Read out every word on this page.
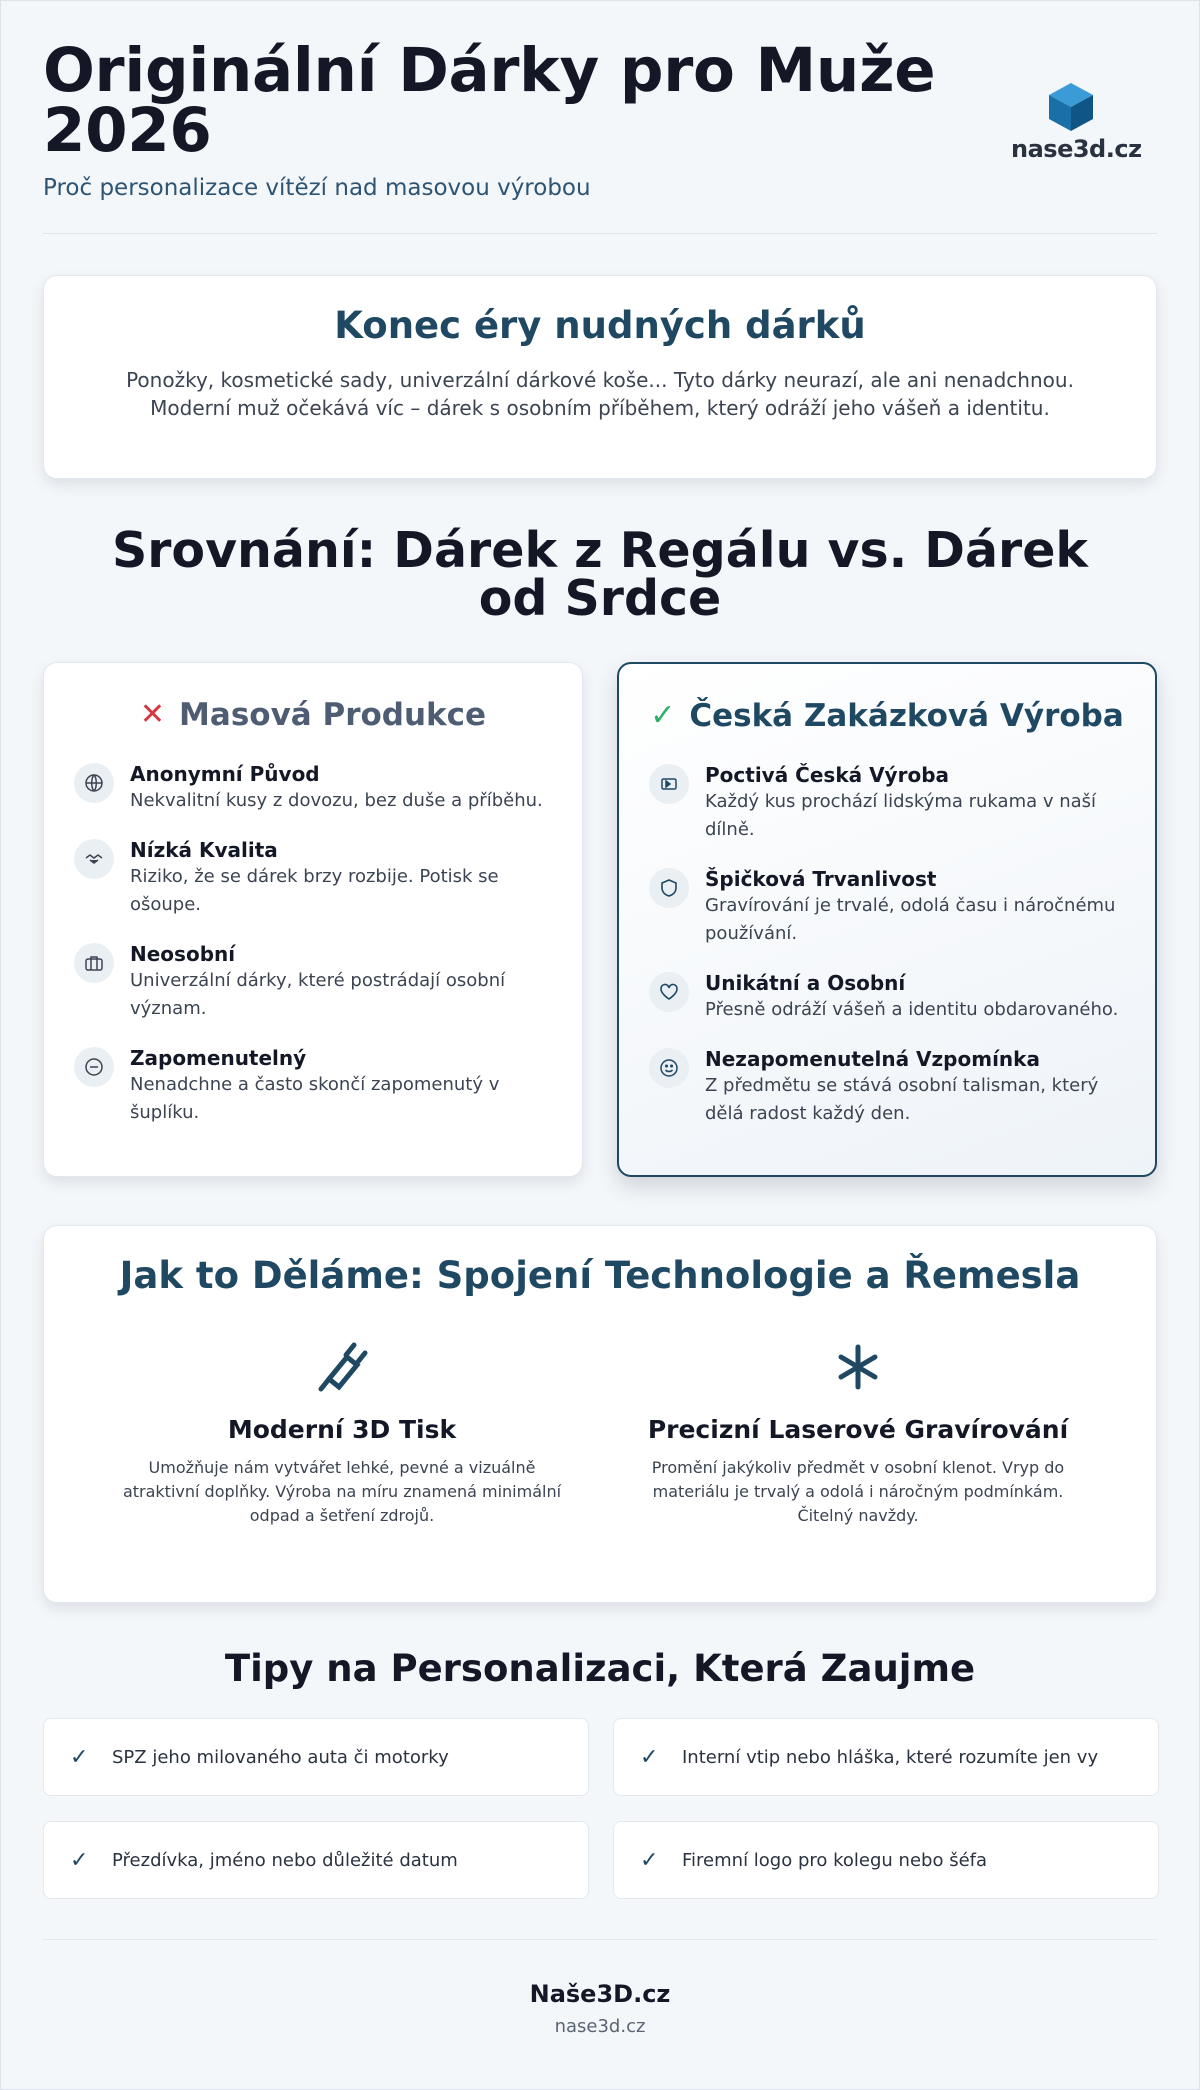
Originální Dárky pro Muže 2026
Proč personalizace vítězí nad masovou výrobou
nase3d.cz
Konec éry nudných dárků

Ponožky, kosmetické sady, univerzální dárkové koše... Tyto dárky neurazí, ale ani nenadchnou. Moderní muž očekává víc – dárek s osobním příběhem, který odráží jeho vášeň a identitu.

Srovnání: Dárek z Regálu vs. Dárek od Srdce
✕ Masová Produkce
Anonymní Původ
Nekvalitní kusy z dovozu, bez duše a příběhu.
Nízká Kvalita
Riziko, že se dárek brzy rozbije. Potisk se ošoupe.
Neosobní
Univerzální dárky, které postrádají osobní význam.
Zapomenutelný
Nenadchne a často skončí zapomenutý v šuplíku.
✓ Česká Zakázková Výroba
Poctivá Česká Výroba
Každý kus prochází lidskýma rukama v naší dílně.
Špičková Trvanlivost
Gravírování je trvalé, odolá času i náročnému používání.
Unikátní a Osobní
Přesně odráží vášeň a identitu obdarovaného.
Nezapomenutelná Vzpomínka
Z předmětu se stává osobní talisman, který dělá radost každý den.
Jak to Děláme: Spojení Technologie a Řemesla
Moderní 3D Tisk
Umožňuje nám vytvářet lehké, pevné a vizuálně atraktivní doplňky. Výroba na míru znamená minimální odpad a šetření zdrojů.
Precizní Laserové Gravírování
Promění jakýkoliv předmět v osobní klenot. Vryp do materiálu je trvalý a odolá i náročným podmínkám. Čitelný navždy.
Tipy na Personalizaci, Která Zaujme
✓	SPZ jeho milovaného auta či motorky	✓	Interní vtip nebo hláška, které rozumíte jen vy
✓	Přezdívka, jméno nebo důležité datum	✓	Firemní logo pro kolegu nebo šéfa
Naše3D.cz
nase3d.cz
